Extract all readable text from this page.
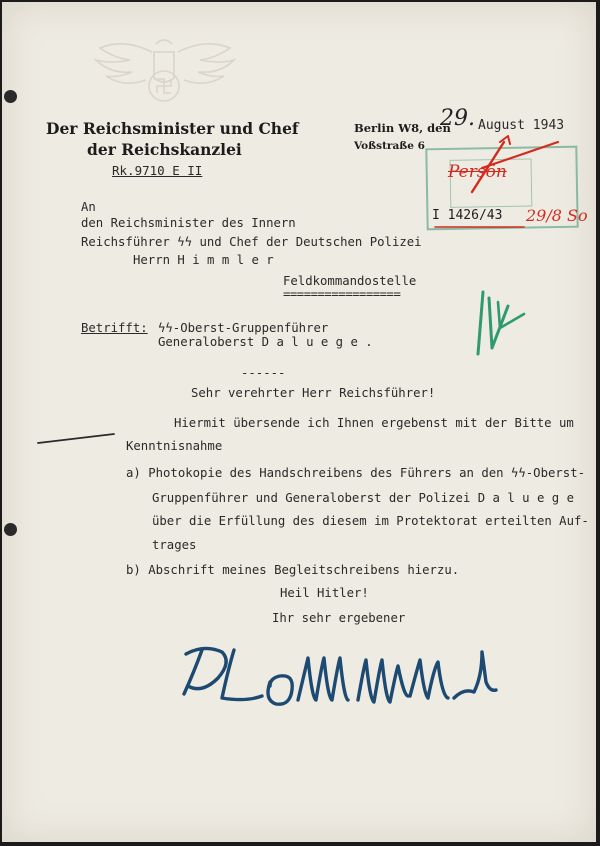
Der Reichsminister und Chef
der Reichskanzlei
Rk.9710 E II
Berlin W8, den
Voßstraße 6
29. August 1943
Persön
I 1426/43 29/8 So
An
den Reichsminister des Innern
Reichsführer ϟϟ und Chef der Deutschen Polizei
Herrn H i m m l e r
Feldkommandostelle
=================
Betrifft: ϟϟ-Oberst-Gruppenführer
Generaloberst D a l u e g e .
------
Sehr verehrter Herr Reichsführer!
Hiermit übersende ich Ihnen ergebenst mit der Bitte um
Kenntnisnahme
a) Photokopie des Handschreibens des Führers an den ϟϟ-Oberst-
Gruppenführer und Generaloberst der Polizei D a l u e g e
über die Erfüllung des diesem im Protektorat erteilten Auf-
trages
b) Abschrift meines Begleitschreibens hierzu.
Heil Hitler!
Ihr sehr ergebener
